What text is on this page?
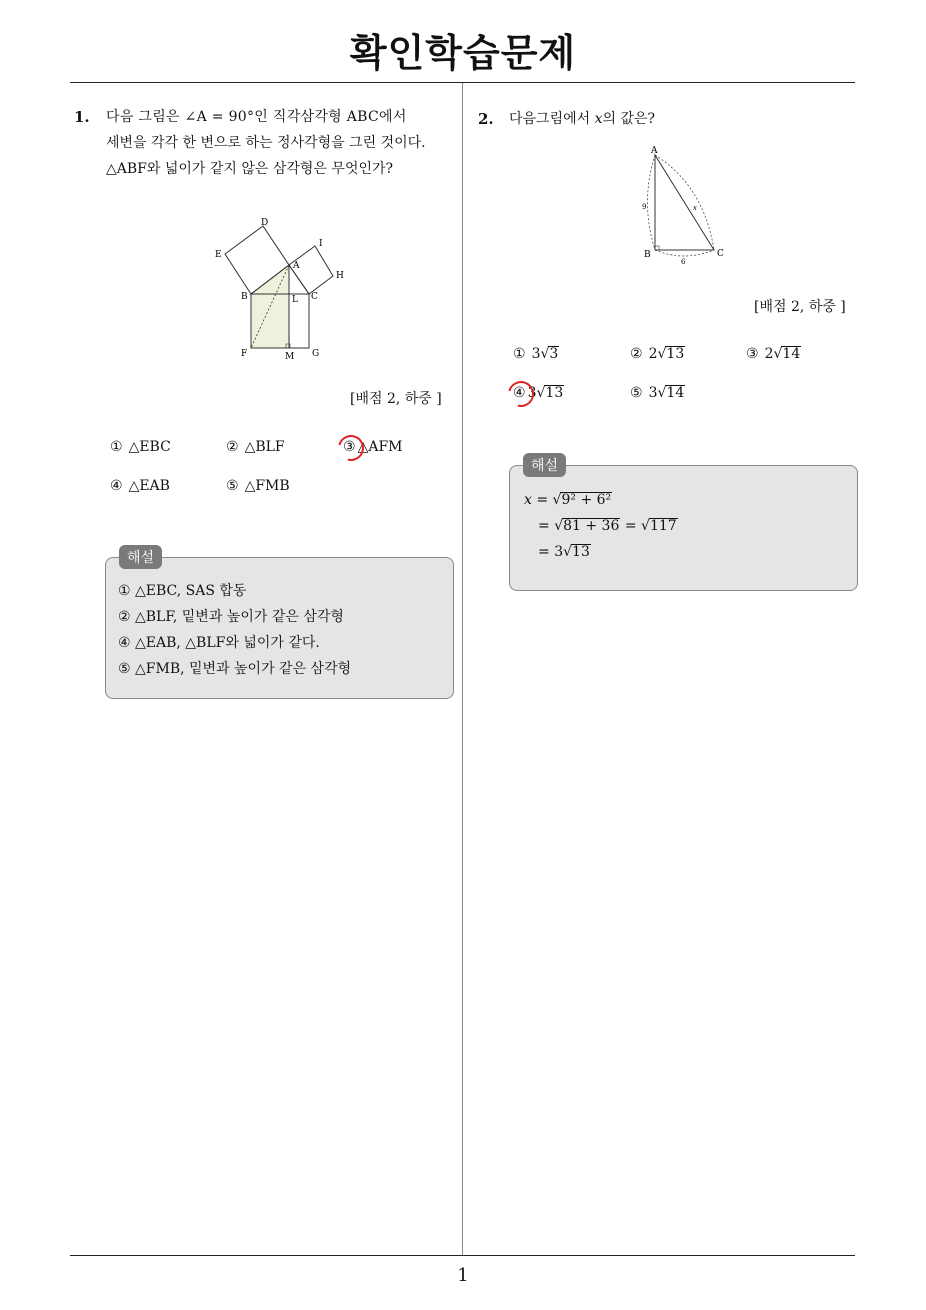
확인학습문제
1
1. 다음 그림은 ∠A = 90°인 직각삼각형 ABC에서
세변을 각각 한 변으로 하는 정사각형을 그린 것이다.
△ABF와 넓이가 같지 않은 삼각형은 무엇인가?
D
E
I
A
H
B	L C
F	M G
[배점 2, 하중 ]
① △EBC	② △BLF	③ △AFM
④ △EAB	⑤ △FMB
해설
① △EBC, SAS 합동
② △BLF, 밑변과 높이가 같은 삼각형
④ △EAB, △BLF와 넓이가 같다.
⑤ △FMB, 밑변과 높이가 같은 삼각형
2. 다음그림에서 x의 값은?
A
B	C
9
6
x
[배점 2, 하중 ]
① 3√3	② 2√13	③ 2√14
④ 3√13	⑤ 3√14
해설
x = √9² + 6²
= √81 + 36 = √117
= 3√13
